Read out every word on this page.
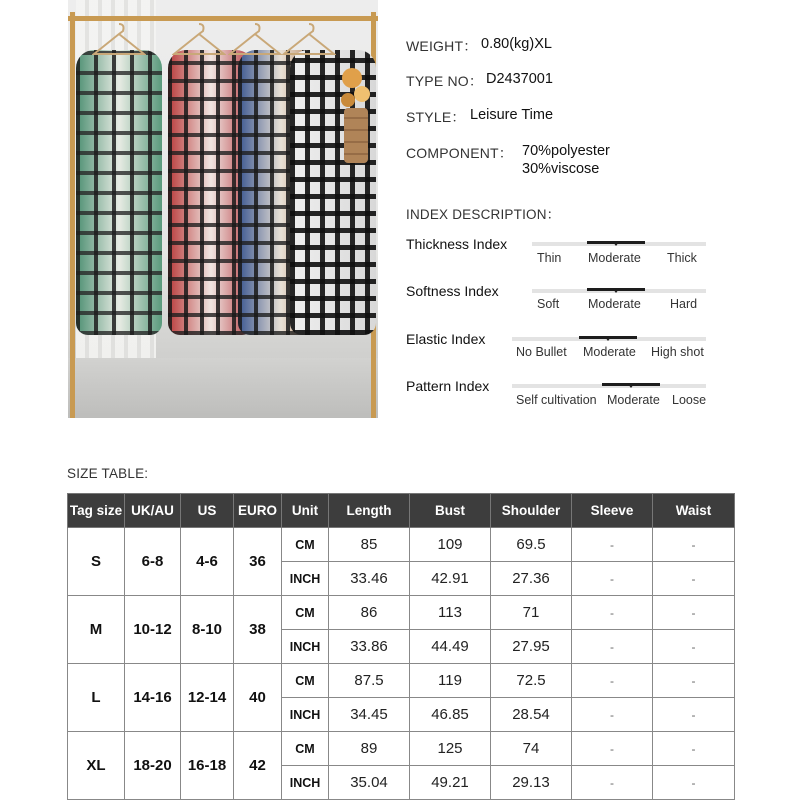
WEIGHT： 0.80(kg)XL
TYPE NO： D2437001
STYLE： Leisure Time
COMPONENT： 70%polyester
30%viscose
INDEX DESCRIPTION：
Thickness Index
Thin Moderate Thick
Softness Index
Soft Moderate Hard
Elastic Index
No Bullet Moderate High shot
Pattern Index
Self cultivation Moderate Loose
SIZE TABLE:
Tag size	UK/AU	US	EURO	Unit	Length	Bust	Shoulder	Sleeve	Waist
S	6-8	4-6	36	CM	85	109	69.5	-	-
				INCH	33.46	42.91	27.36	-	-
M	10-12	8-10	38	CM	86	113	71	-	-
				INCH	33.86	44.49	27.95	-	-
L	14-16	12-14	40	CM	87.5	119	72.5	-	-
				INCH	34.45	46.85	28.54	-	-
XL	18-20	16-18	42	CM	89	125	74	-	-
				INCH	35.04	49.21	29.13	-	-
